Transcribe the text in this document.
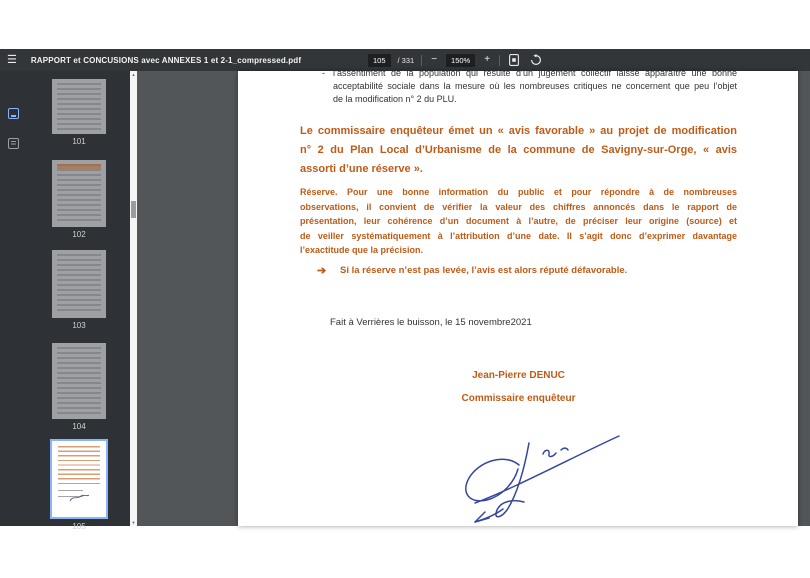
☰ RAPPORT et CONCUSIONS avec ANNEXES 1 et 2-1_compressed.pdf	105	/ 331 −	150%	+
101
102
103
104
105
▲
▼
- l’assentiment de la population qui résulte d’un jugement collectif laisse apparaître une bonne
acceptabilité sociale dans la mesure où les nombreuses critiques ne concernent que peu l’objet
de la modification n° 2 du PLU.
Le commissaire enquêteur émet un « avis favorable » au projet de modification
n° 2 du Plan Local d’Urbanisme de la commune de Savigny-sur-Orge, « avis
assorti d’une réserve ».
Réserve. Pour une bonne information du public et pour répondre à de nombreuses
observations, il convient de vérifier la valeur des chiffres annoncés dans le rapport de
présentation, leur cohérence d’un document à l’autre, de préciser leur origine (source) et
de veiller systématiquement à l’attribution d’une date. Il s’agit donc d’exprimer davantage
l’exactitude que la précision.
➔ Si la réserve n’est pas levée, l’avis est alors réputé défavorable.
Fait à Verrières le buisson, le 15 novembre2021
Jean-Pierre DENUC
Commissaire enquêteur
